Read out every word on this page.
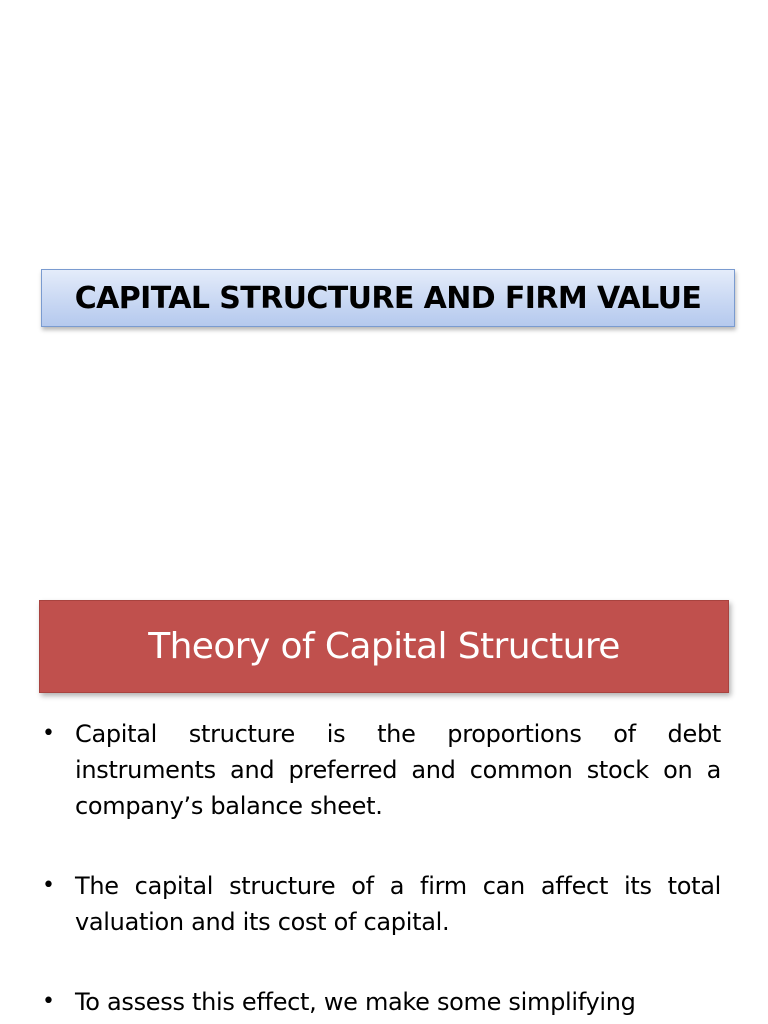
CAPITAL STRUCTURE AND FIRM VALUE
Theory of Capital Structure
• Capital structure is the proportions of debt instruments and preferred and common stock on a company’s balance sheet.
• The capital structure of a firm can affect its total valuation and its cost of capital.
• To assess this effect, we make some simplifying
